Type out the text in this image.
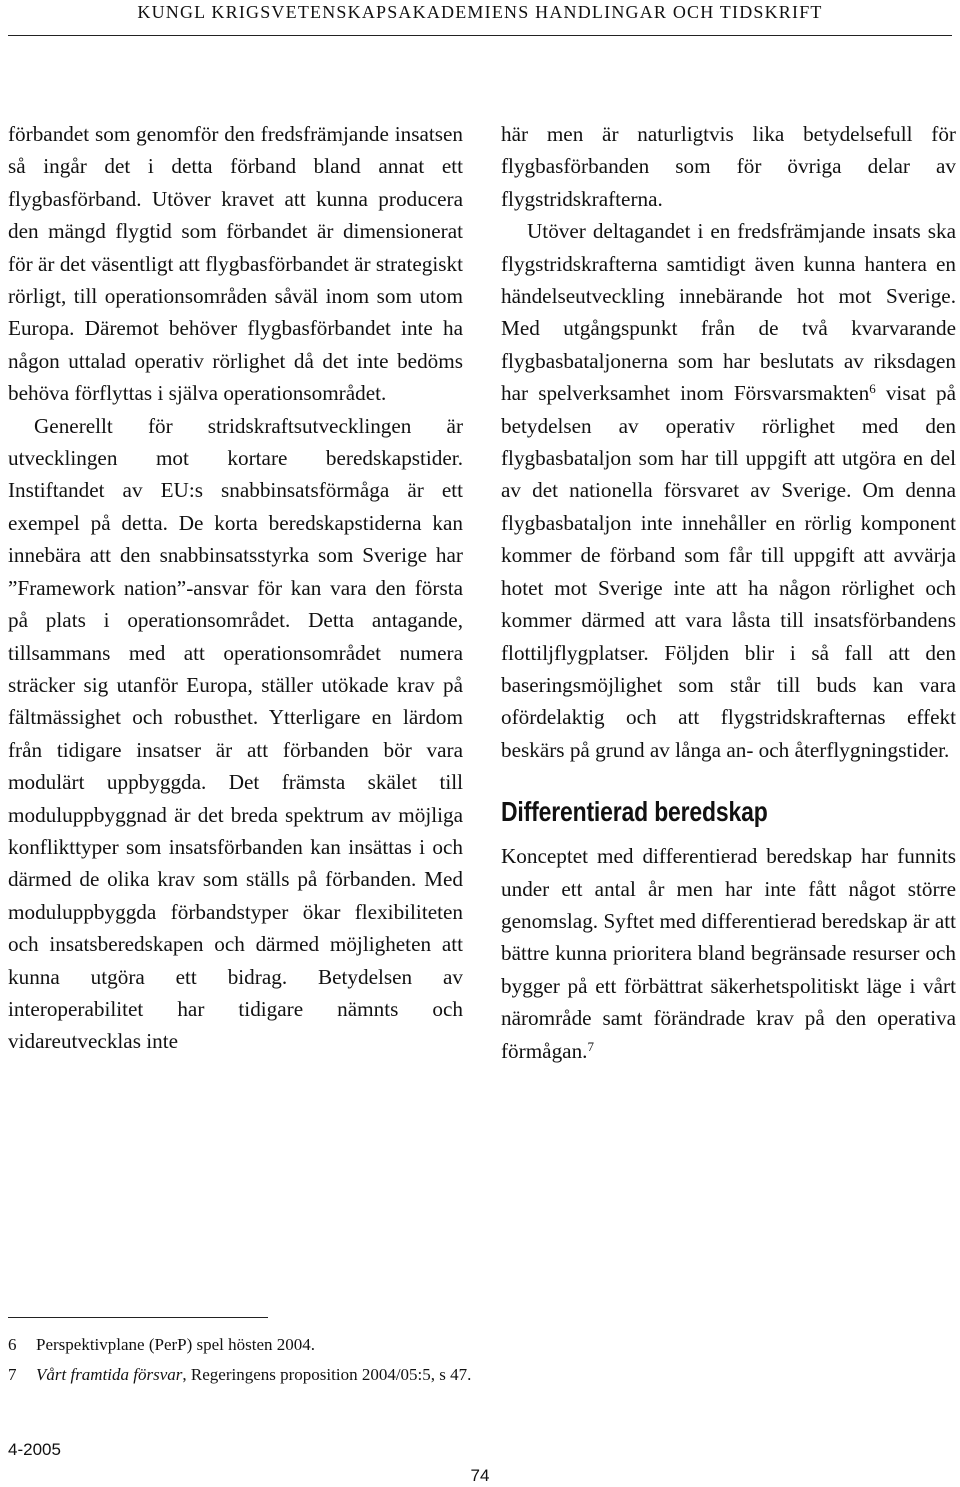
KUNGL KRIGSVETENSKAPSAKADEMIENS HANDLINGAR OCH TIDSKRIFT

förbandet som genomför den fredsfrämjande insatsen så ingår det i detta förband bland annat ett flygbasförband. Utöver kravet att kunna producera den mängd flygtid som förbandet är dimensionerat för är det väsentligt att flygbasförbandet är strategiskt rörligt, till operationsområden såväl inom som utom Europa. Däremot behöver flygbasförbandet inte ha någon uttalad operativ rörlighet då det inte bedöms behöva förflyttas i själva operationsområdet.

Generellt för stridskraftsutvecklingen är utvecklingen mot kortare beredskapstider. Instiftandet av EU:s snabbinsatsförmåga är ett exempel på detta. De korta beredskapstiderna kan innebära att den snabbinsatsstyrka som Sverige har ”Framework nation”-ansvar för kan vara den första på plats i operationsområdet. Detta antagande, tillsammans med att operationsområdet numera sträcker sig utanför Europa, ställer utökade krav på fältmässighet och robusthet. Ytterligare en lärdom från tidigare insatser är att förbanden bör vara modulärt uppbyggda. Det främsta skälet till moduluppbyggnad är det breda spektrum av möjliga konflikttyper som insatsförbanden kan insättas i och därmed de olika krav som ställs på förbanden. Med moduluppbyggda förbandstyper ökar flexibiliteten och insatsberedskapen och därmed möjligheten att kunna utgöra ett bidrag. Betydelsen av interoperabilitet har tidigare nämnts och vidareutvecklas inte

här men är naturligtvis lika betydelsefull för flygbasförbanden som för övriga delar av flygstridskrafterna.

Utöver deltagandet i en fredsfrämjande insats ska flygstridskrafterna samtidigt även kunna hantera en händelseutveckling innebärande hot mot Sverige. Med utgångspunkt från de två kvarvarande flygbasbataljonerna som har beslutats av riksdagen har spelverksamhet inom Försvarsmakten$^6$ visat på betydelsen av operativ rörlighet med den flygbasbataljon som har till uppgift att utgöra en del av det nationella försvaret av Sverige. Om denna flygbasbataljon inte innehåller en rörlig komponent kommer de förband som får till uppgift att avvärja hotet mot Sverige inte att ha någon rörlighet och kommer därmed att vara låsta till insatsförbandens flottiljflygplatser. Följden blir i så fall att den baseringsmöjlighet som står till buds kan vara ofördelaktig och att flygstridskrafternas effekt beskärs på grund av långa an- och återflygningstider.

Differentierad beredskap

Konceptet med differentierad beredskap har funnits under ett antal år men har inte fått något större genomslag. Syftet med differentierad beredskap är att bättre kunna prioritera bland begränsade resurser och bygger på ett förbättrat säkerhetspolitiskt läge i vårt närområde samt förändrade krav på den operativa förmågan.$^7$

6	Perspektivplane (PerP) spel hösten 2004.
7	Vårt framtida försvar, Regeringens proposition 2004/05:5, s 47.
4-2005
74
